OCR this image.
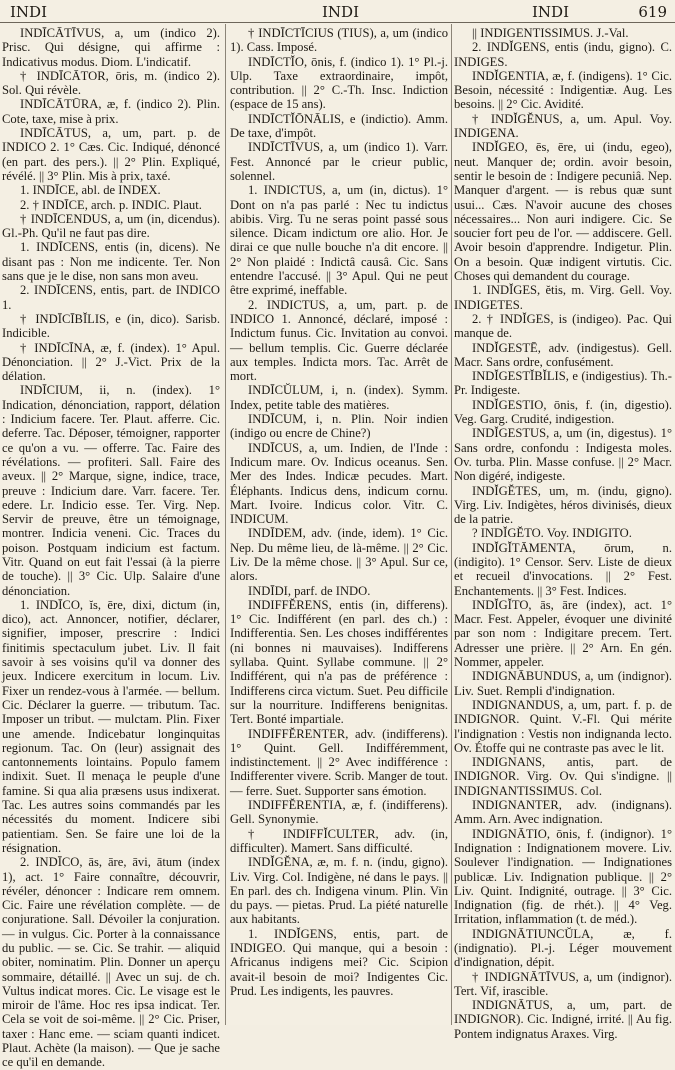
INDI	INDI	INDI	619

INDĪCĀTĪVUS, a, um (indico 2). Prisc. Qui désigne, qui affirme : Indicativus modus. Diom. L'indicatif.

† INDĪCĀTOR, ōris, m. (indico 2). Sol. Qui révèle.

INDĪCĀTŪRA, æ, f. (indico 2). Plin. Cote, taxe, mise à prix.

INDĪCĀTUS, a, um, part. p. de INDICO 2. 1° Cæs. Cic. Indiqué, dénoncé (en part. des pers.). || 2° Plin. Expliqué, révélé. || 3° Plin. Mis à prix, taxé.

1. INDĪCE, abl. de INDEX.

2. † INDĪCE, arch. p. INDIC. Plaut.

† INDĪCENDUS, a, um (in, dicendus). Gl.-Ph. Qu'il ne faut pas dire.

1. INDĪCENS, entis (in, dicens). Ne disant pas : Non me indicente. Ter. Non sans que je le dise, non sans mon aveu.

2. INDĪCENS, entis, part. de INDICO 1.

† INDĪCĪBĬLIS, e (in, dico). Sarisb. Indicible.

† INDĪCĪNA, æ, f. (index). 1° Apul. Dénonciation. || 2° J.-Vict. Prix de la délation.

INDĪCIUM, ii, n. (index). 1° Indication, dénonciation, rapport, délation : Indicium facere. Ter. Plaut. afferre. Cic. deferre. Tac. Déposer, témoigner, rapporter ce qu'on a vu. — offerre. Tac. Faire des révélations. — profiteri. Sall. Faire des aveux. || 2° Marque, signe, indice, trace, preuve : Indicium dare. Varr. facere. Ter. edere. Lr. Indicio esse. Ter. Virg. Nep. Servir de preuve, être un témoignage, montrer. Indicia veneni. Cic. Traces du poison. Postquam indicium est factum. Vitr. Quand on eut fait l'essai (à la pierre de touche). || 3° Cic. Ulp. Salaire d'une dénonciation.

1. INDĪCO, ĭs, ēre, dixi, dictum (in, dico), act. Annoncer, notifier, déclarer, signifier, imposer, prescrire : Indici finitimis spectaculum jubet. Liv. Il fait savoir à ses voisins qu'il va donner des jeux. Indicere exercitum in locum. Liv. Fixer un rendez-vous à l'armée. — bellum. Cic. Déclarer la guerre. — tributum. Tac. Imposer un tribut. — mulctam. Plin. Fixer une amende. Indicebatur longinquitas regionum. Tac. On (leur) assignait des cantonnements lointains. Populo famem indixit. Suet. Il menaça le peuple d'une famine. Si qua alia præsens usus indixerat. Tac. Les autres soins commandés par les nécessités du moment. Indicere sibi patientiam. Sen. Se faire une loi de la résignation.

2. INDĪCO, ās, āre, āvi, ātum (index 1), act. 1° Faire connaître, découvrir, révéler, dénoncer : Indicare rem omnem. Cic. Faire une révélation complète. — de conjuratione. Sall. Dévoiler la conjuration. — in vulgus. Cic. Porter à la connaissance du public. — se. Cic. Se trahir. — aliquid obiter, nominatim. Plin. Donner un aperçu sommaire, détaillé. || Avec un suj. de ch. Vultus indicat mores. Cic. Le visage est le miroir de l'âme. Hoc res ipsa indicat. Ter. Cela se voit de soi-même. || 2° Cic. Priser, taxer : Hanc eme. — sciam quanti indicet. Plaut. Achète (la maison). — Que je sache ce qu'il en demande.

† INDĪCTĪCIUS (TIUS), a, um (indico 1). Cass. Imposé.

INDĪCTĬO, ōnis, f. (indico 1). 1° Pl.-j. Ulp. Taxe extraordinaire, impôt, contribution. || 2° C.-Th. Insc. Indiction (espace de 15 ans).

INDĪCTĬŌNĀLIS, e (indictio). Amm. De taxe, d'impôt.

INDĪCTĪVUS, a, um (indico 1). Varr. Fest. Annoncé par le crieur public, solennel.

1. INDICTUS, a, um (in, dictus). 1° Dont on n'a pas parlé : Nec tu indictus abibis. Virg. Tu ne seras point passé sous silence. Dicam indictum ore alio. Hor. Je dirai ce que nulle bouche n'a dit encore. || 2° Non plaidé : Indictâ causâ. Cic. Sans entendre l'accusé. || 3° Apul. Qui ne peut être exprimé, ineffable.

2. INDICTUS, a, um, part. p. de INDICO 1. Annoncé, déclaré, imposé : Indictum funus. Cic. Invitation au convoi. — bellum templis. Cic. Guerre déclarée aux temples. Indicta mors. Tac. Arrêt de mort.

INDĪCŬLUM, i, n. (index). Symm. Index, petite table des matières.

INDĪCUM, i, n. Plin. Noir indien (indigo ou encre de Chine?)

INDĪCUS, a, um. Indien, de l'Inde : Indicum mare. Ov. Indicus oceanus. Sen. Mer des Indes. Indicæ pecudes. Mart. Éléphants. Indicus dens, indicum cornu. Mart. Ivoire. Indicus color. Vitr. C. INDICUM.

INDĪDEM, adv. (inde, idem). 1° Cic. Nep. Du même lieu, de là-même. || 2° Cic. Liv. De la même chose. || 3° Apul. Sur ce, alors.

INDĪDI, parf. de INDO.

INDIFFĔRENS, entis (in, differens). 1° Cic. Indifférent (en parl. des ch.) : Indifferentia. Sen. Les choses indifférentes (ni bonnes ni mauvaises). Indifferens syllaba. Quint. Syllabe commune. || 2° Indifférent, qui n'a pas de préférence : Indifferens circa victum. Suet. Peu difficile sur la nourriture. Indifferens benignitas. Tert. Bonté impartiale.

INDIFFĔRENTER, adv. (indifferens). 1° Quint. Gell. Indifféremment, indistinctement. || 2° Avec indifférence : Indifferenter vivere. Scrib. Manger de tout. — ferre. Suet. Supporter sans émotion.

INDIFFĔRENTIA, æ, f. (indifferens). Gell. Synonymie.

† INDIFFĬCULTER, adv. (in, difficulter). Mamert. Sans difficulté.

INDĬGĔNA, æ, m. f. n. (indu, gigno). Liv. Virg. Col. Indigène, né dans le pays. || En parl. des ch. Indigena vinum. Plin. Vin du pays. — pietas. Prud. La piété naturelle aux habitants.

1. INDĬGENS, entis, part. de INDIGEO. Qui manque, qui a besoin : Africanus indigens mei? Cic. Scipion avait-il besoin de moi? Indigentes Cic. Prud. Les indigents, les pauvres.

|| INDIGENTISSIMUS. J.-Val.

2. INDĬGENS, entis (indu, gigno). C. INDIGES.

INDĬGENTIA, æ, f. (indigens). 1° Cic. Besoin, nécessité : Indigentiæ. Aug. Les besoins. || 2° Cic. Avidité.

† INDĬGĔNUS, a, um. Apul. Voy. INDIGENA.

INDĬGEO, ēs, ēre, ui (indu, egeo), neut. Manquer de; ordin. avoir besoin, sentir le besoin de : Indigere pecuniâ. Nep. Manquer d'argent. — is rebus quæ sunt usui... Cæs. N'avoir aucune des choses nécessaires... Non auri indigere. Cic. Se soucier fort peu de l'or. — addiscere. Gell. Avoir besoin d'apprendre. Indigetur. Plin. On a besoin. Quæ indigent virtutis. Cic. Choses qui demandent du courage.

1. INDĬGES, ĕtis, m. Virg. Gell. Voy. INDIGETES.

2. † INDĬGES, is (indigeo). Pac. Qui manque de.

INDĬGESTĒ, adv. (indigestus). Gell. Macr. Sans ordre, confusément.

INDĬGESTĬBĬLIS, e (indigestius). Th.-Pr. Indigeste.

INDĬGESTIO, ōnis, f. (in, digestio). Veg. Garg. Crudité, indigestion.

INDĬGESTUS, a, um (in, digestus). 1° Sans ordre, confondu : Indigesta moles. Ov. turba. Plin. Masse confuse. || 2° Macr. Non digéré, indigeste.

INDĬGĔTES, um, m. (indu, gigno). Virg. Liv. Indigètes, héros divinisés, dieux de la patrie.

? INDĬGĔTO. Voy. INDIGITO.

INDĬGĬTĀMENTA, ōrum, n. (indigito). 1° Censor. Serv. Liste de dieux et recueil d'invocations. || 2° Fest. Enchantements. || 3° Fest. Indices.

INDĬGĬTO, ās, āre (index), act. 1° Macr. Fest. Appeler, évoquer une divinité par son nom : Indigitare precem. Tert. Adresser une prière. || 2° Arn. En gén. Nommer, appeler.

INDIGNĀBUNDUS, a, um (indignor). Liv. Suet. Rempli d'indignation.

INDIGNANDUS, a, um, part. f. p. de INDIGNOR. Quint. V.-Fl. Qui mérite l'indignation : Vestis non indignanda lecto. Ov. Étoffe qui ne contraste pas avec le lit.

INDIGNANS, antis, part. de INDIGNOR. Virg. Ov. Qui s'indigne. || INDIGNANTISSIMUS. Col.

INDIGNANTER, adv. (indignans). Amm. Arn. Avec indignation.

INDIGNĀTIO, ōnis, f. (indignor). 1° Indignation : Indignationem movere. Liv. Soulever l'indignation. — Indignationes publicæ. Liv. Indignation publique. || 2° Liv. Quint. Indignité, outrage. || 3° Cic. Indignation (fig. de rhét.). || 4° Veg. Irritation, inflammation (t. de méd.).

INDIGNĀTIUNCŬLA, æ, f. (indignatio). Pl.-j. Léger mouvement d'indignation, dépit.

† INDIGNĀTĪVUS, a, um (indignor). Tert. Vif, irascible.

INDIGNĀTUS, a, um, part. de INDIGNOR). Cic. Indigné, irrité. || Au fig. Pontem indignatus Araxes. Virg.
